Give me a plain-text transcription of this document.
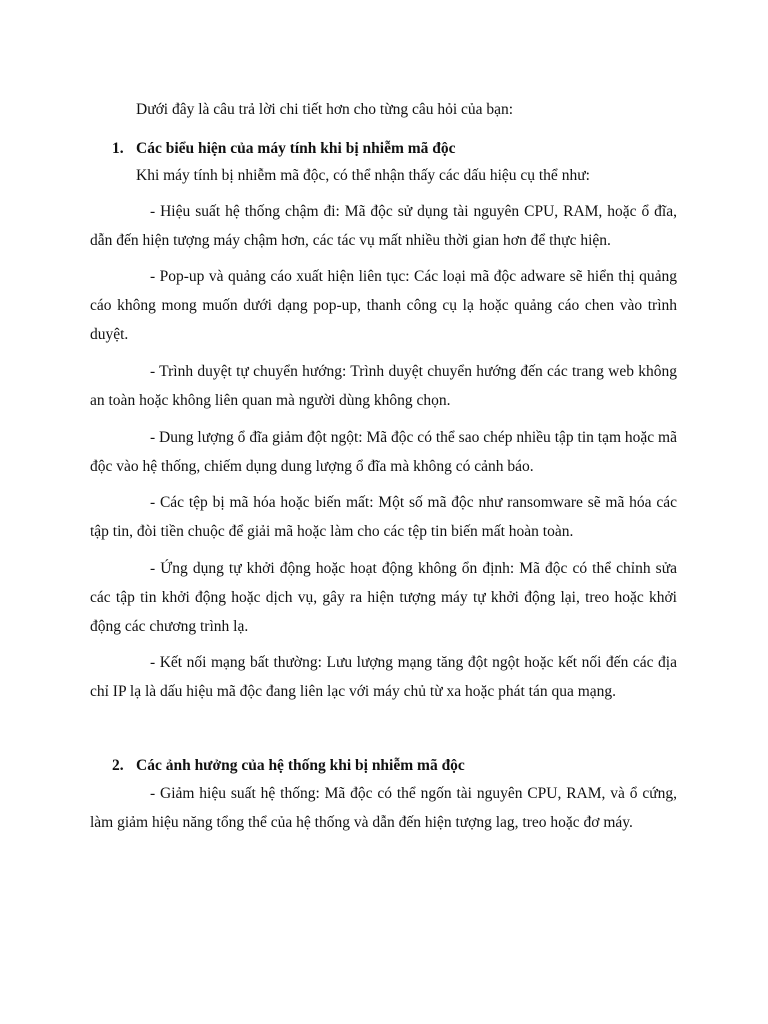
Dưới đây là câu trả lời chi tiết hơn cho từng câu hỏi của bạn:

1. Các biểu hiện của máy tính khi bị nhiễm mã độc

Khi máy tính bị nhiễm mã độc, có thể nhận thấy các dấu hiệu cụ thể như:

- Hiệu suất hệ thống chậm đi: Mã độc sử dụng tài nguyên CPU, RAM, hoặc ổ đĩa, dẫn đến hiện tượng máy chậm hơn, các tác vụ mất nhiều thời gian hơn để thực hiện.

- Pop-up và quảng cáo xuất hiện liên tục: Các loại mã độc adware sẽ hiển thị quảng cáo không mong muốn dưới dạng pop-up, thanh công cụ lạ hoặc quảng cáo chen vào trình duyệt.

- Trình duyệt tự chuyển hướng: Trình duyệt chuyển hướng đến các trang web không an toàn hoặc không liên quan mà người dùng không chọn.

- Dung lượng ổ đĩa giảm đột ngột: Mã độc có thể sao chép nhiều tập tin tạm hoặc mã độc vào hệ thống, chiếm dụng dung lượng ổ đĩa mà không có cảnh báo.

- Các tệp bị mã hóa hoặc biến mất: Một số mã độc như ransomware sẽ mã hóa các tập tin, đòi tiền chuộc để giải mã hoặc làm cho các tệp tin biến mất hoàn toàn.

- Ứng dụng tự khởi động hoặc hoạt động không ổn định: Mã độc có thể chỉnh sửa các tập tin khởi động hoặc dịch vụ, gây ra hiện tượng máy tự khởi động lại, treo hoặc khởi động các chương trình lạ.

- Kết nối mạng bất thường: Lưu lượng mạng tăng đột ngột hoặc kết nối đến các địa chỉ IP lạ là dấu hiệu mã độc đang liên lạc với máy chủ từ xa hoặc phát tán qua mạng.

2. Các ảnh hưởng của hệ thống khi bị nhiễm mã độc

- Giảm hiệu suất hệ thống: Mã độc có thể ngốn tài nguyên CPU, RAM, và ổ cứng, làm giảm hiệu năng tổng thể của hệ thống và dẫn đến hiện tượng lag, treo hoặc đơ máy.
